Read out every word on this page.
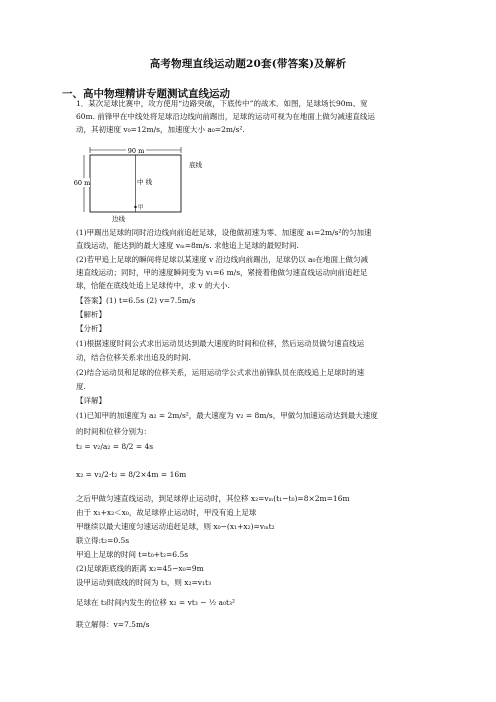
高考物理直线运动题20套(带答案)及解析
一、高中物理精讲专题测试直线运动
1．某次足球比赛中，攻方使用“边路突破，下底传中”的战术．如图，足球场长90m、宽
60m. 前锋甲在中线处将足球沿边线向前踢出，足球的运动可视为在地面上做匀减速直线运
动，其初速度 v₀=12m/s，加速度大小 a₀=2m/s².
90 m
中 线
60 m
底线
甲
边线
(1)甲踢出足球的同时沿边线向前追赶足球，设他做初速为零、加速度 a₁=2m/s²的匀加速
直线运动，能达到的最大速度 vₘ=8m/s. 求他追上足球的最短时间.
(2)若甲追上足球的瞬间将足球以某速度 v 沿边线向前踢出，足球仍以 a₀在地面上做匀减
速直线运动；同时，甲的速度瞬间变为 v₁=6 m/s，紧接着他做匀速直线运动向前追赶足
球，恰能在底线处追上足球传中，求 v 的大小.
【答案】(1) t=6.5s (2) v=7.5m/s
【解析】
【分析】
(1)根据速度时间公式求出运动员达到最大速度的时间和位移，然后运动员做匀速直线运
动，结合位移关系求出追及的时间.
(2)结合运动员和足球的位移关系，运用运动学公式求出前锋队员在底线追上足球时的速
度.
【详解】
(1)已知甲的加速度为 a₂ = 2m/s²，最大速度为 v₂ = 8m/s，甲做匀加速运动达到最大速度
的时间和位移分别为：
t₂ = v₂/a₂ = 8/2 = 4s
x₂ = v₂/2·t₂ = 8/2×4m = 16m
之后甲做匀速直线运动，到足球停止运动时，其位移 x₂=vₘ(t₁−t₀)=8×2m=16m
由于 x₁+x₂＜x₀，故足球停止运动时，甲没有追上足球
甲继续以最大速度匀速运动追赶足球，则 x₀−(x₁+x₂)=vₘt₂
联立得:t₂=0.5s
甲追上足球的时间 t=t₀+t₂=6.5s
(2)足球距底线的距离 x₂=45−x₀=9m
设甲运动到底线的时间为 t₃，则 x₂=v₁t₃
足球在 t₃时间内发生的位移 x₂ = vt₃ − ½ a₀t₃²
联立解得：v=7.5m/s
